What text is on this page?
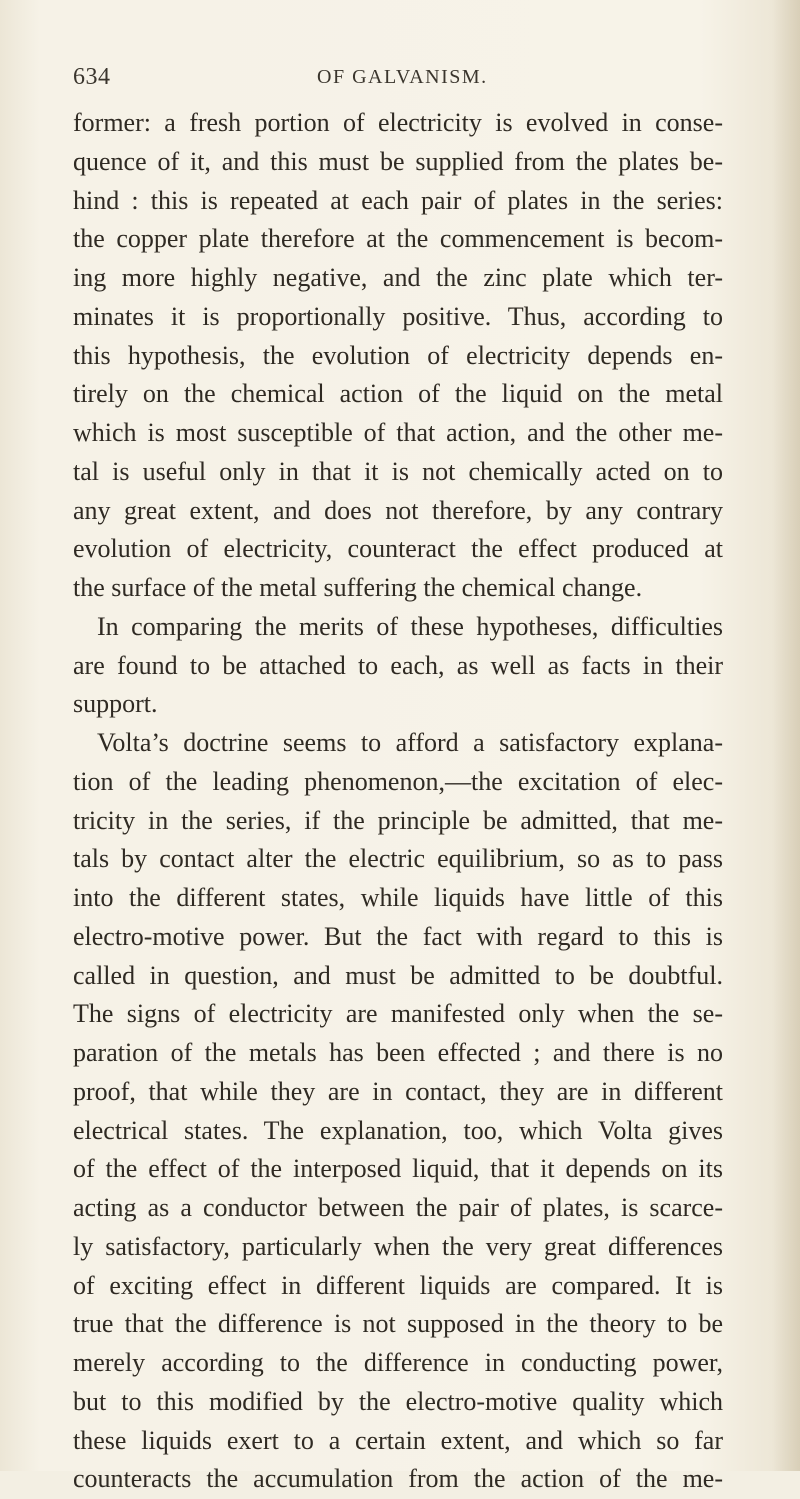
634	OF GALVANISM.
former: a fresh portion of electricity is evolved in conse-
quence of it, and this must be supplied from the plates be-
hind : this is repeated at each pair of plates in the series:
the copper plate therefore at the commencement is becom-
ing more highly negative, and the zinc plate which ter-
minates it is proportionally positive. Thus, according to
this hypothesis, the evolution of electricity depends en-
tirely on the chemical action of the liquid on the metal
which is most susceptible of that action, and the other me-
tal is useful only in that it is not chemically acted on to
any great extent, and does not therefore, by any contrary
evolution of electricity, counteract the effect produced at
the surface of the metal suffering the chemical change.
In comparing the merits of these hypotheses, difficulties
are found to be attached to each, as well as facts in their
support.
Volta’s doctrine seems to afford a satisfactory explana-
tion of the leading phenomenon,—the excitation of elec-
tricity in the series, if the principle be admitted, that me-
tals by contact alter the electric equilibrium, so as to pass
into the different states, while liquids have little of this
electro-motive power. But the fact with regard to this is
called in question, and must be admitted to be doubtful.
The signs of electricity are manifested only when the se-
paration of the metals has been effected ; and there is no
proof, that while they are in contact, they are in different
electrical states. The explanation, too, which Volta gives
of the effect of the interposed liquid, that it depends on its
acting as a conductor between the pair of plates, is scarce-
ly satisfactory, particularly when the very great differences
of exciting effect in different liquids are compared. It is
true that the difference is not supposed in the theory to be
merely according to the difference in conducting power,
but to this modified by the electro-motive quality which
these liquids exert to a certain extent, and which so far
counteracts the accumulation from the action of the me-
